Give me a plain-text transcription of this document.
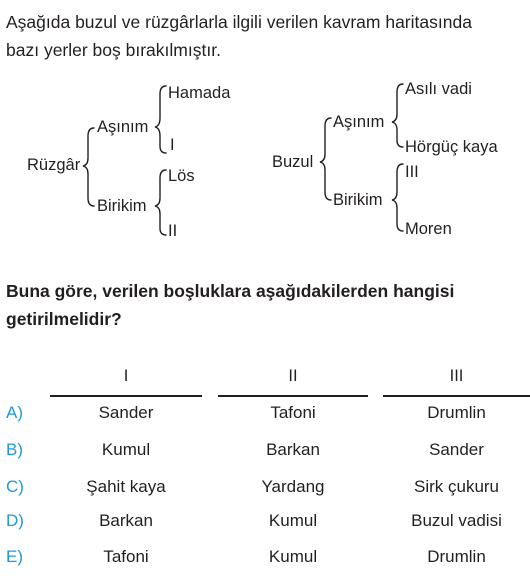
Aşağıda buzul ve rüzgârlarla ilgili verilen kavram haritasında
bazı yerler boş bırakılmıştır.
Rüzgâr
Aşınım
Hamada
I
Birikim
Lös
II
Buzul
Aşınım
Asılı vadi
Hörgüç kaya
Birikim
III
Moren
Buna göre, verilen boşluklara aşağıdakilerden hangisi
getirilmelidir?
I	II	III
A)	Sander	Tafoni	Drumlin
B)	Kumul	Barkan	Sander
C)	Şahit kaya	Yardang	Sirk çukuru
D)	Barkan	Kumul	Buzul vadisi
E)	Tafoni	Kumul	Drumlin
